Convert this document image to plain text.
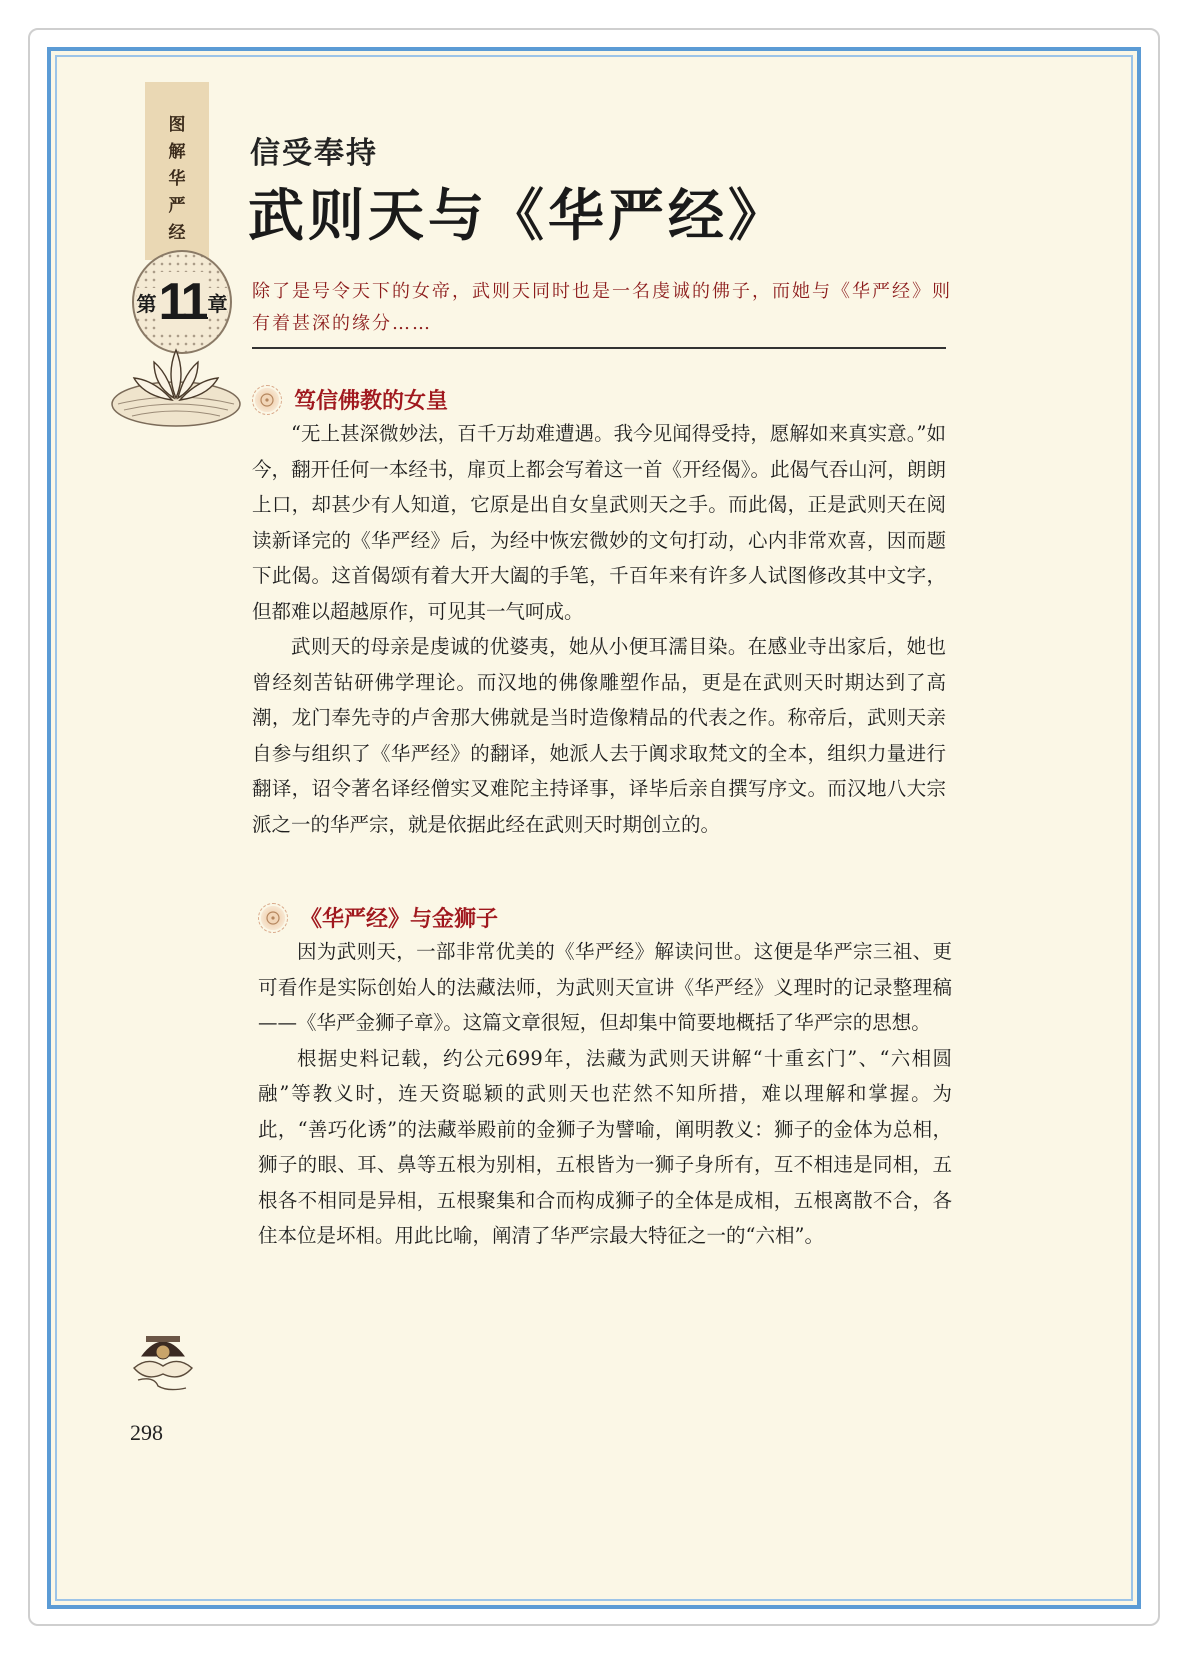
图
解
华
严
经
第 11 章
信受奉持
武则天与《华严经》
除了是号令天下的女帝，武则天同时也是一名虔诚的佛子，而她与《华严经》则有着甚深的缘分……
笃信佛教的女皇

“无上甚深微妙法，百千万劫难遭遇。我今见闻得受持，愿解如来真实意。”如今，翻开任何一本经书，扉页上都会写着这一首《开经偈》。此偈气吞山河，朗朗上口，却甚少有人知道，它原是出自女皇武则天之手。而此偈，正是武则天在阅读新译完的《华严经》后，为经中恢宏微妙的文句打动，心内非常欢喜，因而题下此偈。这首偈颂有着大开大阖的手笔，千百年来有许多人试图修改其中文字，但都难以超越原作，可见其一气呵成。

武则天的母亲是虔诚的优婆夷，她从小便耳濡目染。在感业寺出家后，她也曾经刻苦钻研佛学理论。而汉地的佛像雕塑作品，更是在武则天时期达到了高潮，龙门奉先寺的卢舍那大佛就是当时造像精品的代表之作。称帝后，武则天亲自参与组织了《华严经》的翻译，她派人去于阗求取梵文的全本，组织力量进行翻译，诏令著名译经僧实叉难陀主持译事，译毕后亲自撰写序文。而汉地八大宗派之一的华严宗，就是依据此经在武则天时期创立的。

《华严经》与金狮子

因为武则天，一部非常优美的《华严经》解读问世。这便是华严宗三祖、更可看作是实际创始人的法藏法师，为武则天宣讲《华严经》义理时的记录整理稿——《华严金狮子章》。这篇文章很短，但却集中简要地概括了华严宗的思想。

根据史料记载，约公元699年，法藏为武则天讲解“十重玄门”、“六相圆融”等教义时，连天资聪颖的武则天也茫然不知所措，难以理解和掌握。为此，“善巧化诱”的法藏举殿前的金狮子为譬喻，阐明教义：狮子的金体为总相，狮子的眼、耳、鼻等五根为别相，五根皆为一狮子身所有，互不相违是同相，五根各不相同是异相，五根聚集和合而构成狮子的全体是成相，五根离散不合，各住本位是坏相。用此比喻，阐清了华严宗最大特征之一的“六相”。

298
